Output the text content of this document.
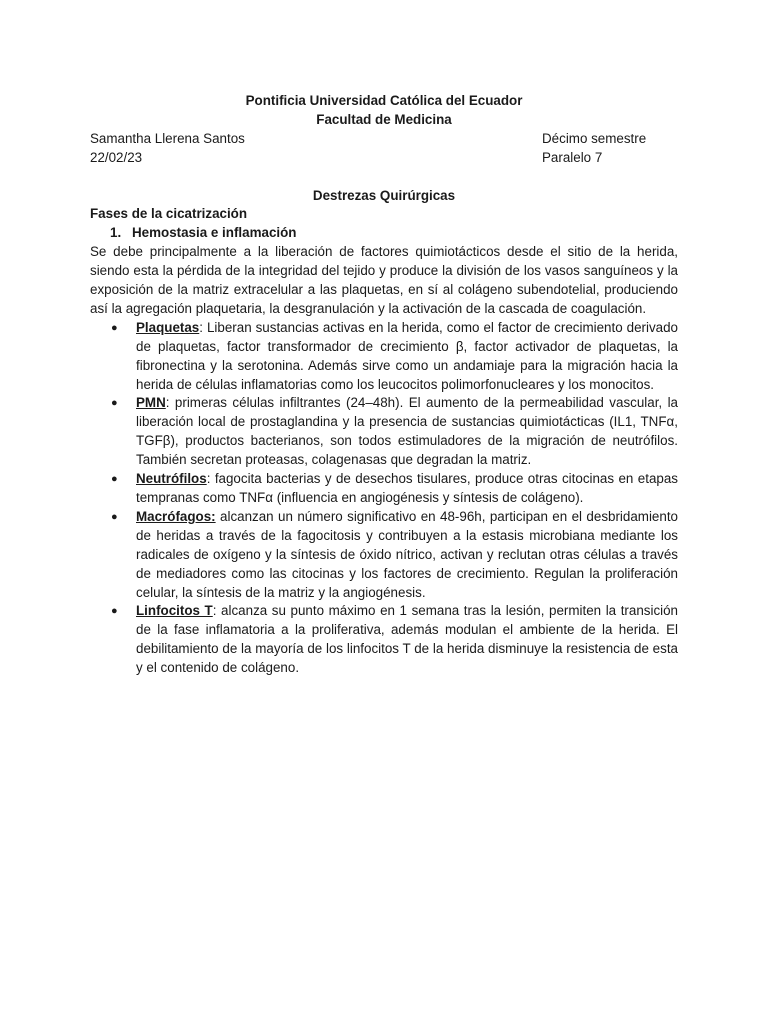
Pontificia Universidad Católica del Ecuador
Facultad de Medicina
Samantha Llerena Santos	Décimo semestre
22/02/23	Paralelo 7
Destrezas Quirúrgicas
Fases de la cicatrización
1. Hemostasia e inflamación
Se debe principalmente a la liberación de factores quimiotácticos desde el sitio de la herida, siendo esta la pérdida de la integridad del tejido y produce la división de los vasos sanguíneos y la exposición de la matriz extracelular a las plaquetas, en sí al colágeno subendotelial, produciendo así la agregación plaquetaria, la desgranulación y la activación de la cascada de coagulación.
● Plaquetas: Liberan sustancias activas en la herida, como el factor de crecimiento derivado de plaquetas, factor transformador de crecimiento β, factor activador de plaquetas, la fibronectina y la serotonina. Además sirve como un andamiaje para la migración hacia la herida de células inflamatorias como los leucocitos polimorfonucleares y los monocitos.
● PMN: primeras células infiltrantes (24–48h). El aumento de la permeabilidad vascular, la liberación local de prostaglandina y la presencia de sustancias quimiotácticas (IL1, TNFα, TGFβ), productos bacterianos, son todos estimuladores de la migración de neutrófilos. También secretan proteasas, colagenasas que degradan la matriz.
● Neutrófilos: fagocita bacterias y de desechos tisulares, produce otras citocinas en etapas tempranas como TNFα (influencia en angiogénesis y síntesis de colágeno).
● Macrófagos: alcanzan un número significativo en 48-96h, participan en el desbridamiento de heridas a través de la fagocitosis y contribuyen a la estasis microbiana mediante los radicales de oxígeno y la síntesis de óxido nítrico, activan y reclutan otras células a través de mediadores como las citocinas y los factores de crecimiento. Regulan la proliferación celular, la síntesis de la matriz y la angiogénesis.
● Linfocitos T: alcanza su punto máximo en 1 semana tras la lesión, permiten la transición de la fase inflamatoria a la proliferativa, además modulan el ambiente de la herida. El debilitamiento de la mayoría de los linfocitos T de la herida disminuye la resistencia de esta y el contenido de colágeno.
